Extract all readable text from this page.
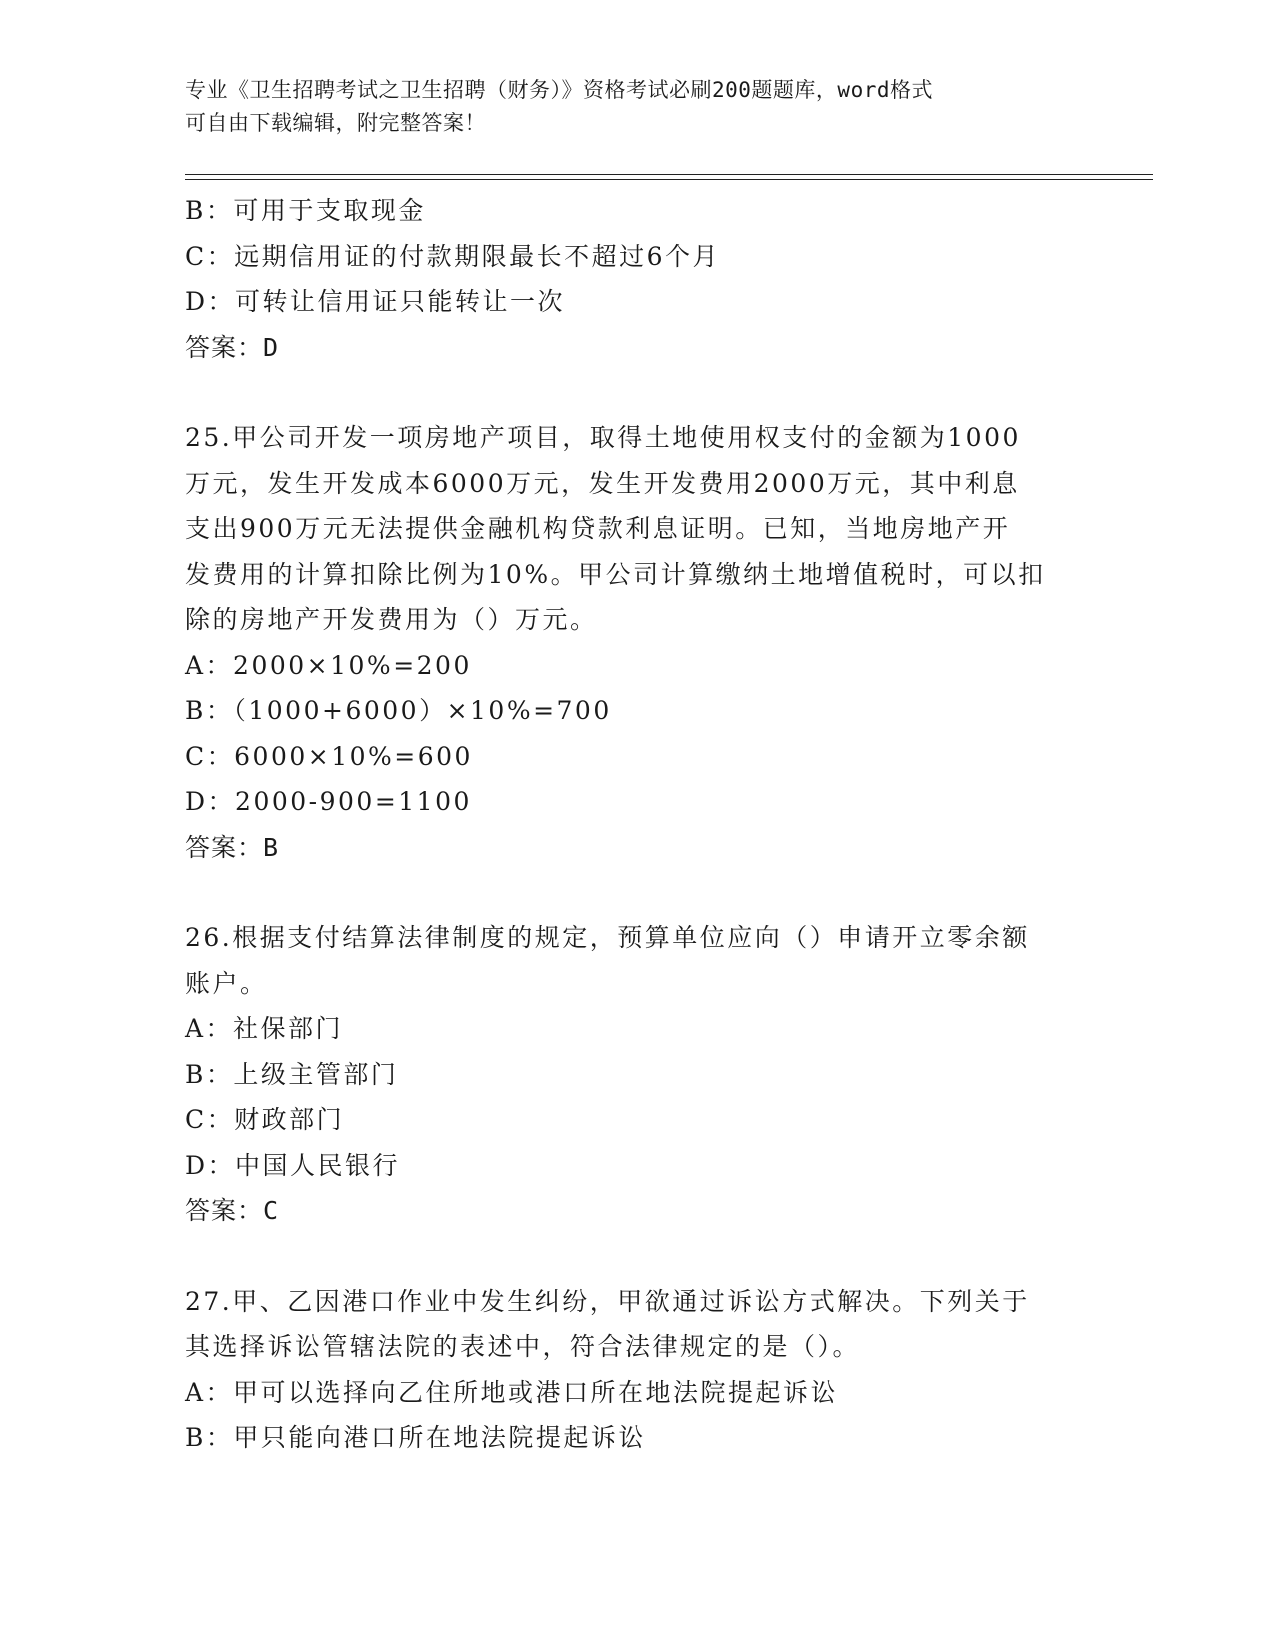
专业《卫生招聘考试之卫生招聘（财务）》资格考试必刷200题题库，word格式
可自由下载编辑，附完整答案！
B：可用于支取现金
C：远期信用证的付款期限最长不超过6个月
D：可转让信用证只能转让一次
答案：D
25.甲公司开发一项房地产项目，取得土地使用权支付的金额为1000
万元，发生开发成本6000万元，发生开发费用2000万元，其中利息
支出900万元无法提供金融机构贷款利息证明。已知，当地房地产开
发费用的计算扣除比例为10%。甲公司计算缴纳土地增值税时，可以扣
除的房地产开发费用为（）万元。
A：2000×10%=200
B：（1000+6000）×10%=700
C：6000×10%=600
D：2000-900=1100
答案：B
26.根据支付结算法律制度的规定，预算单位应向（）申请开立零余额
账户。
A：社保部门
B：上级主管部门
C：财政部门
D：中国人民银行
答案：C
27.甲、乙因港口作业中发生纠纷，甲欲通过诉讼方式解决。下列关于
其选择诉讼管辖法院的表述中，符合法律规定的是（）。
A：甲可以选择向乙住所地或港口所在地法院提起诉讼
B：甲只能向港口所在地法院提起诉讼
